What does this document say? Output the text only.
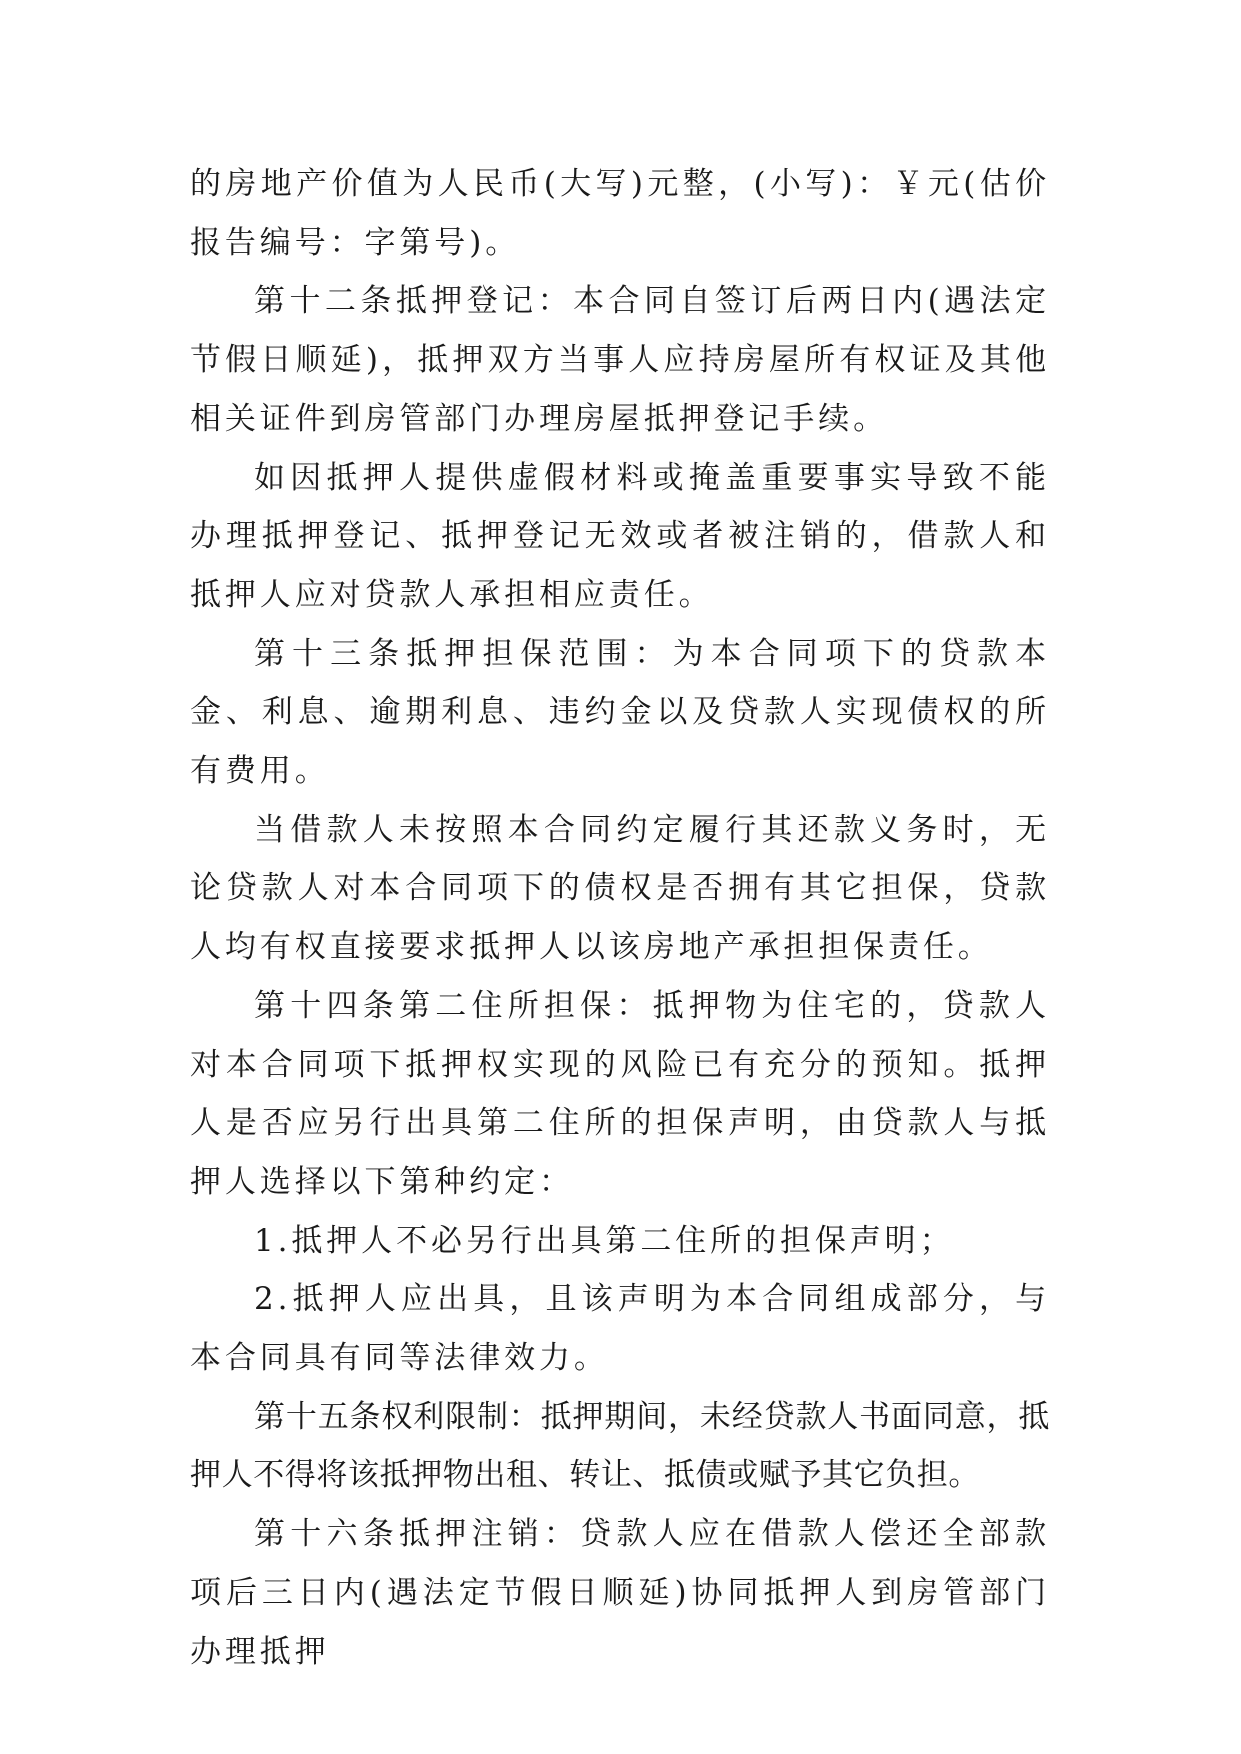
的房地产价值为人民币(大写)元整，(小写)：￥元(估价报告编号：字第号)。

第十二条抵押登记：本合同自签订后两日内(遇法定节假日顺延)，抵押双方当事人应持房屋所有权证及其他相关证件到房管部门办理房屋抵押登记手续。

如因抵押人提供虚假材料或掩盖重要事实导致不能办理抵押登记、抵押登记无效或者被注销的，借款人和抵押人应对贷款人承担相应责任。

第十三条抵押担保范围：为本合同项下的贷款本金、利息、逾期利息、违约金以及贷款人实现债权的所有费用。

当借款人未按照本合同约定履行其还款义务时，无论贷款人对本合同项下的债权是否拥有其它担保，贷款人均有权直接要求抵押人以该房地产承担担保责任。

第十四条第二住所担保：抵押物为住宅的，贷款人对本合同项下抵押权实现的风险已有充分的预知。抵押人是否应另行出具第二住所的担保声明，由贷款人与抵押人选择以下第种约定：

1.抵押人不必另行出具第二住所的担保声明；

2.抵押人应出具，且该声明为本合同组成部分，与本合同具有同等法律效力。

第十五条权利限制：抵押期间，未经贷款人书面同意，抵押人不得将该抵押物出租、转让、抵债或赋予其它负担。

第十六条抵押注销：贷款人应在借款人偿还全部款项后三日内(遇法定节假日顺延)协同抵押人到房管部门办理抵押
